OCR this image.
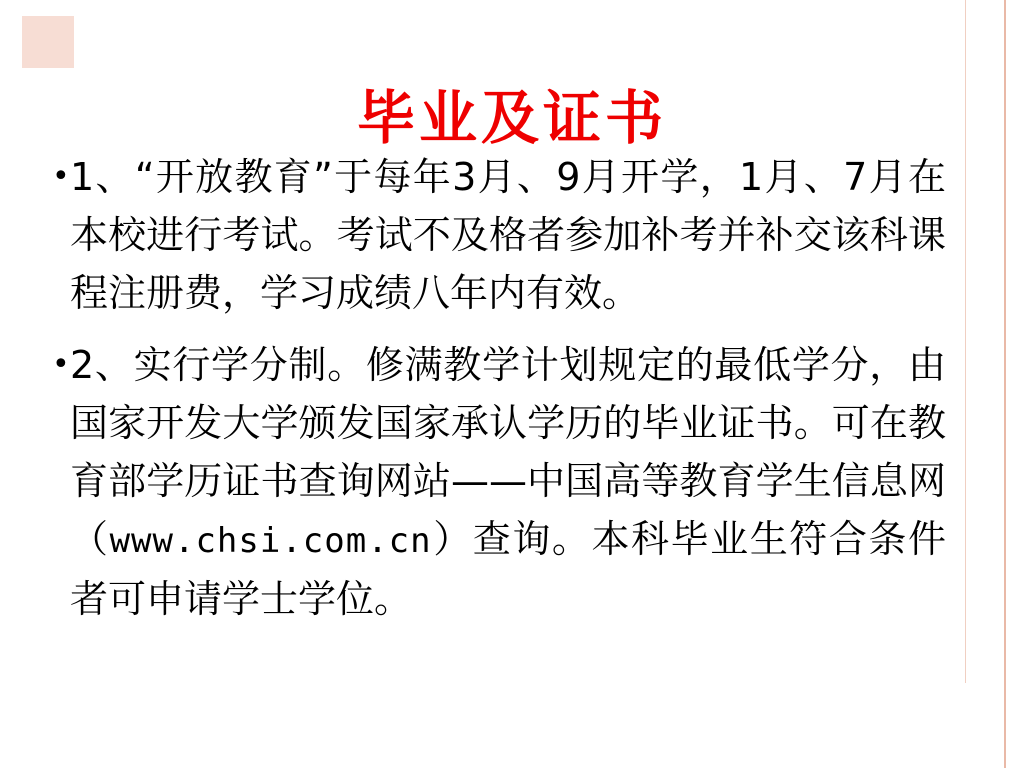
毕业及证书
• 1、“开放教育”于每年3月、9月开学，1月、7月在本校进行考试。考试不及格者参加补考并补交该科课程注册费，学习成绩八年内有效。
• 2、实行学分制。修满教学计划规定的最低学分，由国家开发大学颁发国家承认学历的毕业证书。可在教育部学历证书查询网站——中国高等教育学生信息网（www.chsi.com.cn）查询。本科毕业生符合条件者可申请学士学位。
